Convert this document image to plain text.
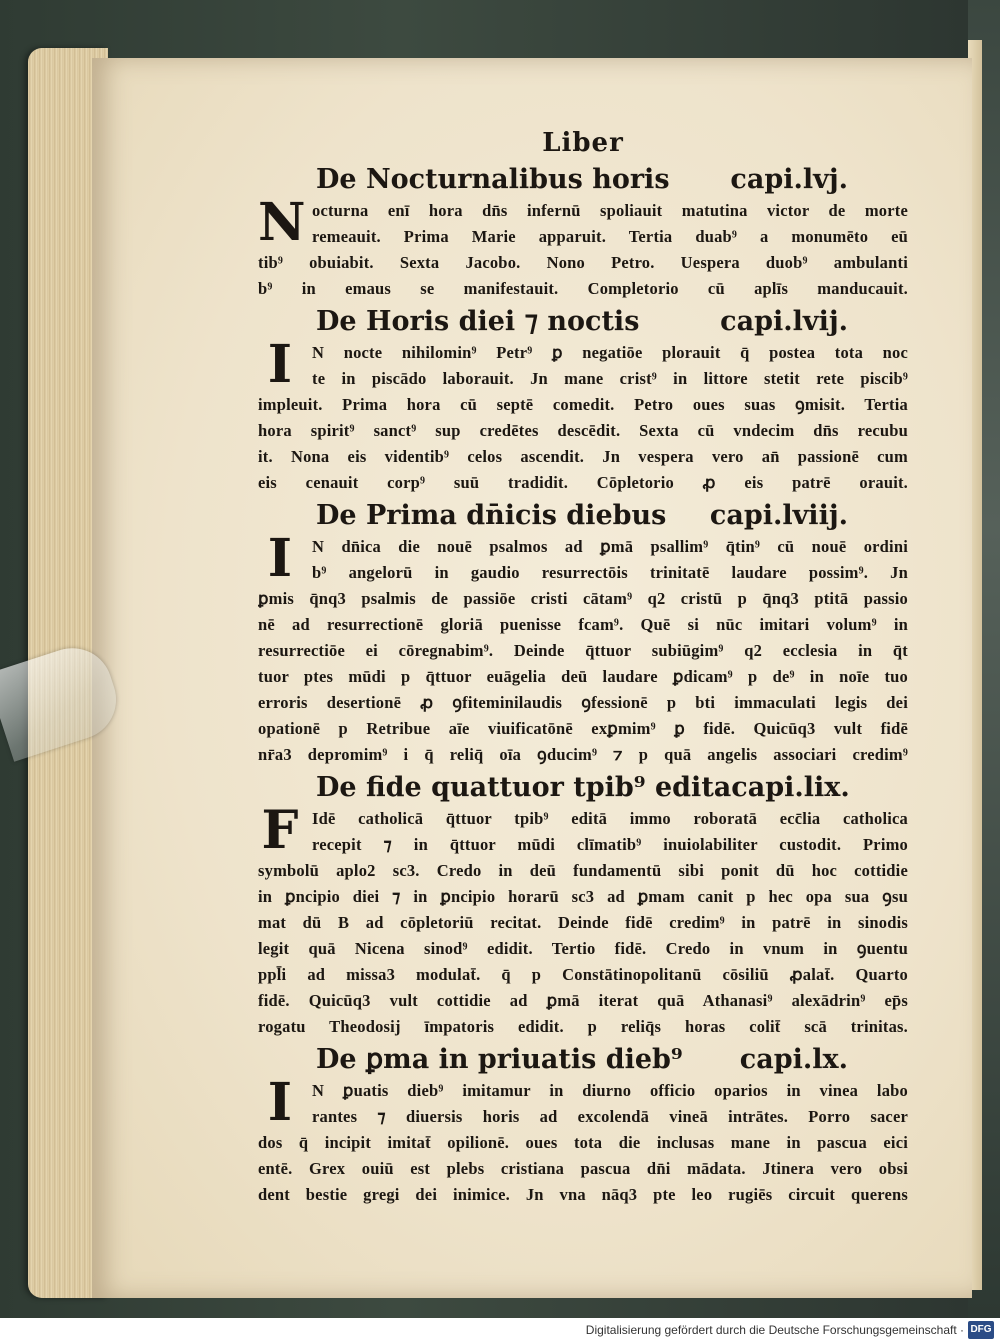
Liber
De Nocturnalibus horis capi.lvj.
N octurna enī hora dn̄s infernū spoliauit matutina victor de morte
remeauit. Prima Marie apparuit. Tertia duab⁹ a monumēto eū
tib⁹ obuiabit. Sexta Jacobo. Nono Petro. Uespera duob⁹ ambulanti
b⁹ in emaus se manifestauit. Completorio cū aplīs manducauit.
De Horis diei ⁊ noctis	capi.lvij.
I	N nocte nihilomin⁹ Petr⁹ ꝑ negatiōe plorauit q̄ postea tota noc
te in piscādo laborauit. Jn mane crist⁹ in littore stetit rete piscib⁹
impleuit. Prima hora cū septē comedit. Petro oues suas ꝯmisit. Tertia
hora spirit⁹ sanct⁹ sup credētes descēdit. Sexta cū vndecim dn̄s recubu
it. Nona eis videntib⁹ celos ascendit. Jn vespera vero an̄ passionē cum
eis cenauit corp⁹ suū tradidit. Cōpletorio ꝓ eis patrē orauit.
De Prima dn̄icis diebus capi.lviij.
I	N dn̄ica die nouē psalmos ad ꝑmā psallim⁹ q̄tin⁹ cū nouē ordini
b⁹ angelorū in gaudio resurrectōis trinitatē laudare possim⁹. Jn
ꝑmis q̄nq3 psalmis de passiōe cristi cātam⁹ q2 cristū p q̄nq3 ptitā passio
nē ad resurrectionē gloriā puenisse fcam⁹. Quē si nūc imitari volum⁹ in
resurrectiōe ei cōregnabim⁹. Deinde q̄ttuor subiūgim⁹ q2 ecclesia in q̄t
tuor ptes mūdi p q̄ttuor euāgelia deū laudare ꝑdicam⁹ p de⁹ in noīe tuo
erroris desertionē ꝓ ꝯfiteminilaudis ꝯfessionē p bti immaculati legis dei
opationē p Retribue aīe viuificatōnē exꝑmim⁹ ꝑ fidē. Quicūq3 vult fidē
nr̄a3 depromim⁹ i q̄ reliq̄ oīa ꝯducim⁹ ⁊ p quā angelis associari credim⁹
De fide quattuor tpib⁹ edita capi.lix.
F Idē catholicā q̄ttuor tpib⁹ editā immo roboratā ecc̄lia catholica
recepit ⁊ in q̄ttuor mūdi clīmatib⁹ inuiolabiliter custodit. Primo
symbolū aplo2 sc3. Credo in deū fundamentū sibi ponit dū hoc cottidie
in ꝑncipio diei ⁊ in ꝑncipio horarū sc3 ad ꝑmam canit p hec opa sua ꝯsu
mat dū B ad cōpletoriū recitat. Deinde fidē credim⁹ in patrē in sinodis
legit quā Nicena sinod⁹ edidit. Tertio fidē. Credo in vnum in ꝯuentu
ppl̄i ad missa3 modulat̄. q̄ p Constātinopolitanū cōsiliū ꝓalat̄. Quarto
fidē. Quicūq3 vult cottidie ad ꝑmā iterat quā Athanasi⁹ alexādrin⁹ ep̄s
rogatu Theodosij īmpatoris edidit. p reliq̄s horas colit̄ scā trinitas.
De ꝑma in priuatis dieb⁹ capi.lx.
I	N ꝑuatis dieb⁹ imitamur in diurno officio oparios in vinea labo
rantes ⁊ diuersis horis ad excolendā vineā intrātes. Porro sacer
dos q̄ incipit imitat̄ opilionē. oues tota die inclusas mane in pascua eici
entē. Grex ouiū est plebs cristiana pascua dn̄i mādata. Jtinera vero obsi
dent bestie gregi dei inimice. Jn vna nāq3 pte leo rugiēs circuit querens
Digitalisierung gefördert durch die Deutsche Forschungsgemeinschaft · DFG
